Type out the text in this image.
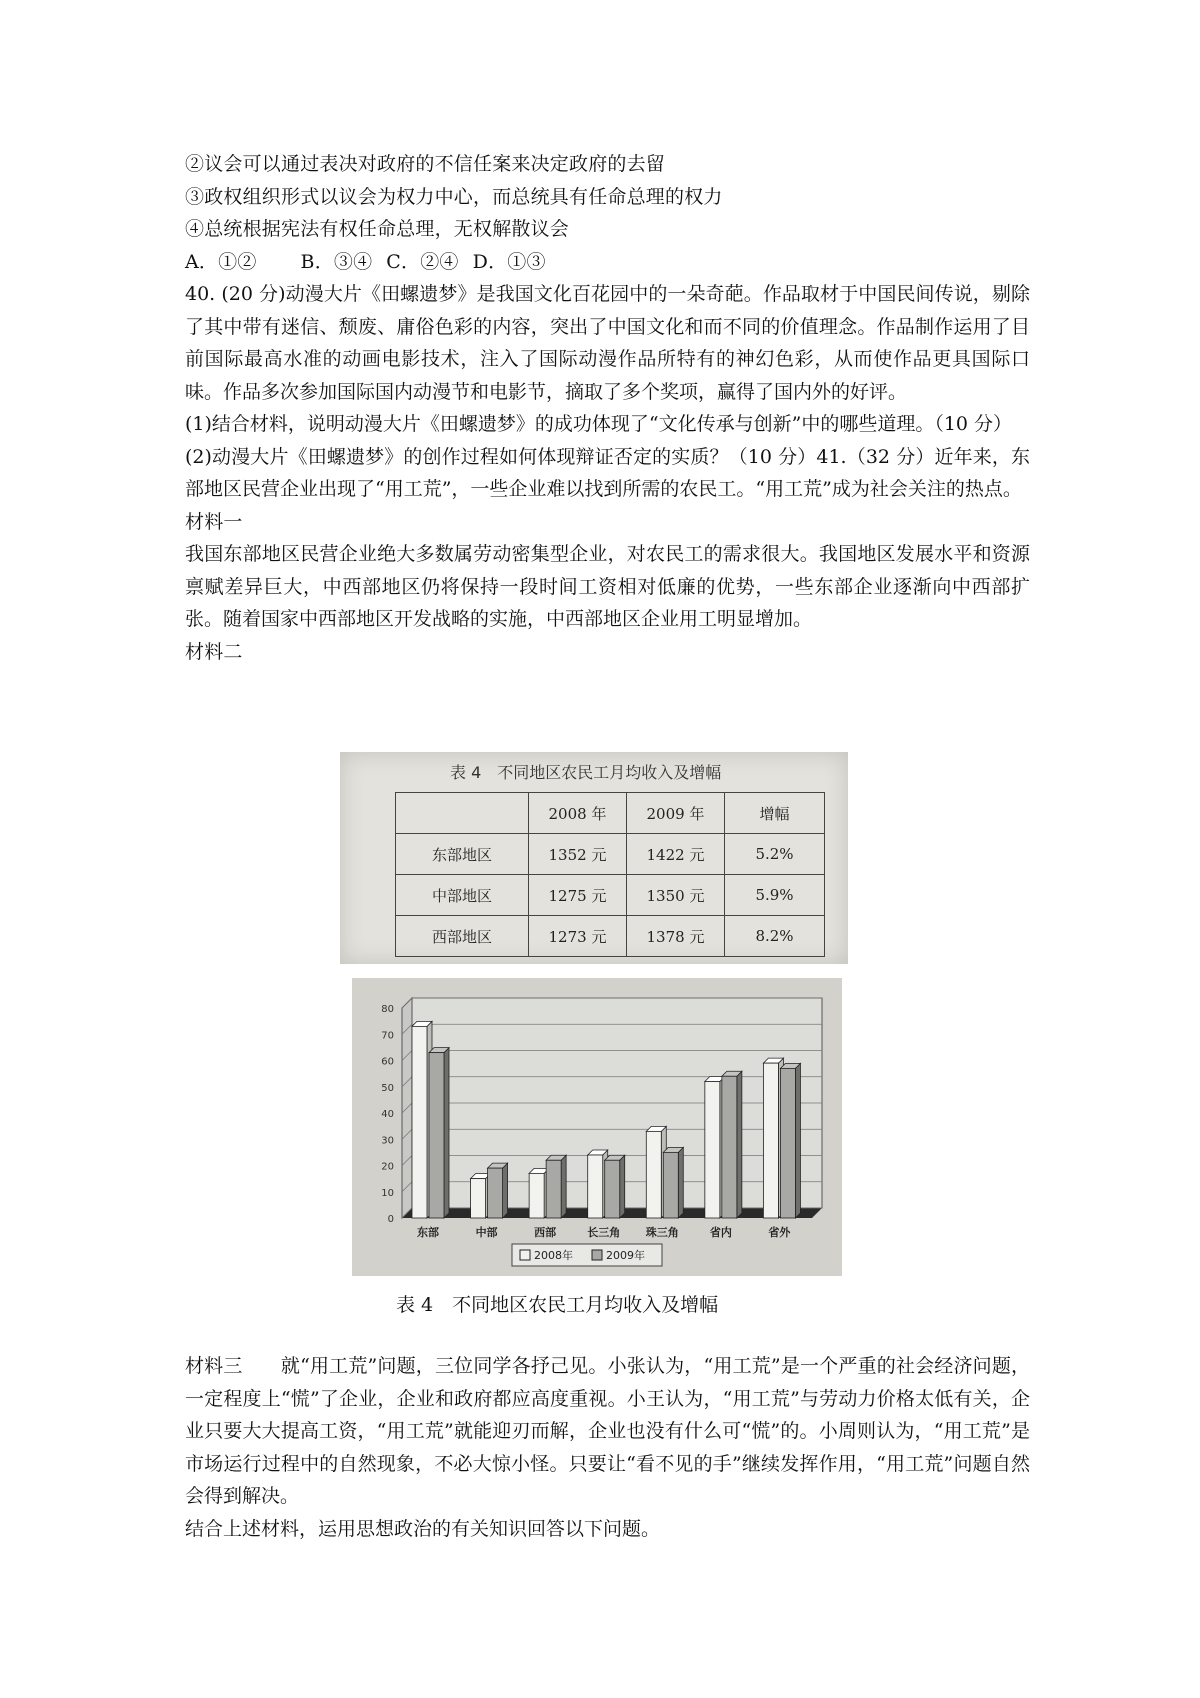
②议会可以通过表决对政府的不信任案来决定政府的去留
③政权组织形式以议会为权力中心，而总统具有任命总理的权力
④总统根据宪法有权任命总理，无权解散议会
A．①② B．③④ C．②④ D．①③
40. (20 分)动漫大片《田螺遗梦》是我国文化百花园中的一朵奇葩。作品取材于中国民间传说，剔除了其中带有迷信、颓废、庸俗色彩的内容，突出了中国文化和而不同的价值理念。作品制作运用了目前国际最高水准的动画电影技术，注入了国际动漫作品所特有的神幻色彩，从而使作品更具国际口味。作品多次参加国际国内动漫节和电影节，摘取了多个奖项，赢得了国内外的好评。
(1)结合材料，说明动漫大片《田螺遗梦》的成功体现了“文化传承与创新”中的哪些道理。（10 分）
(2)动漫大片《田螺遗梦》的创作过程如何体现辩证否定的实质？（10 分）41.（32 分）近年来，东部地区民营企业出现了“用工荒”，一些企业难以找到所需的农民工。“用工荒”成为社会关注的热点。
材料一
我国东部地区民营企业绝大多数属劳动密集型企业，对农民工的需求很大。我国地区发展水平和资源禀赋差异巨大，中西部地区仍将保持一段时间工资相对低廉的优势，一些东部企业逐渐向中西部扩张。随着国家中西部地区开发战略的实施，中西部地区企业用工明显增加。
材料二
表 4　不同地区农民工月均收入及增幅
	2008 年	2009 年	增幅
东部地区	1352 元	1422 元	5.2%
中部地区	1275 元	1350 元	5.9%
西部地区	1273 元	1378 元	8.2%
0
10
20
30
40
50
60
70
80
东部	中部	西部	长三角 珠三角	省内	省外
2008年	2009年
表 4　不同地区农民工月均收入及增幅
材料三　　就“用工荒”问题，三位同学各抒己见。小张认为，“用工荒”是一个严重的社会经济问题，一定程度上“慌”了企业，企业和政府都应高度重视。小王认为，“用工荒”与劳动力价格太低有关，企业只要大大提高工资，“用工荒”就能迎刃而解，企业也没有什么可“慌”的。小周则认为，“用工荒”是市场运行过程中的自然现象，不必大惊小怪。只要让“看不见的手”继续发挥作用，“用工荒”问题自然会得到解决。
结合上述材料，运用思想政治的有关知识回答以下问题。
